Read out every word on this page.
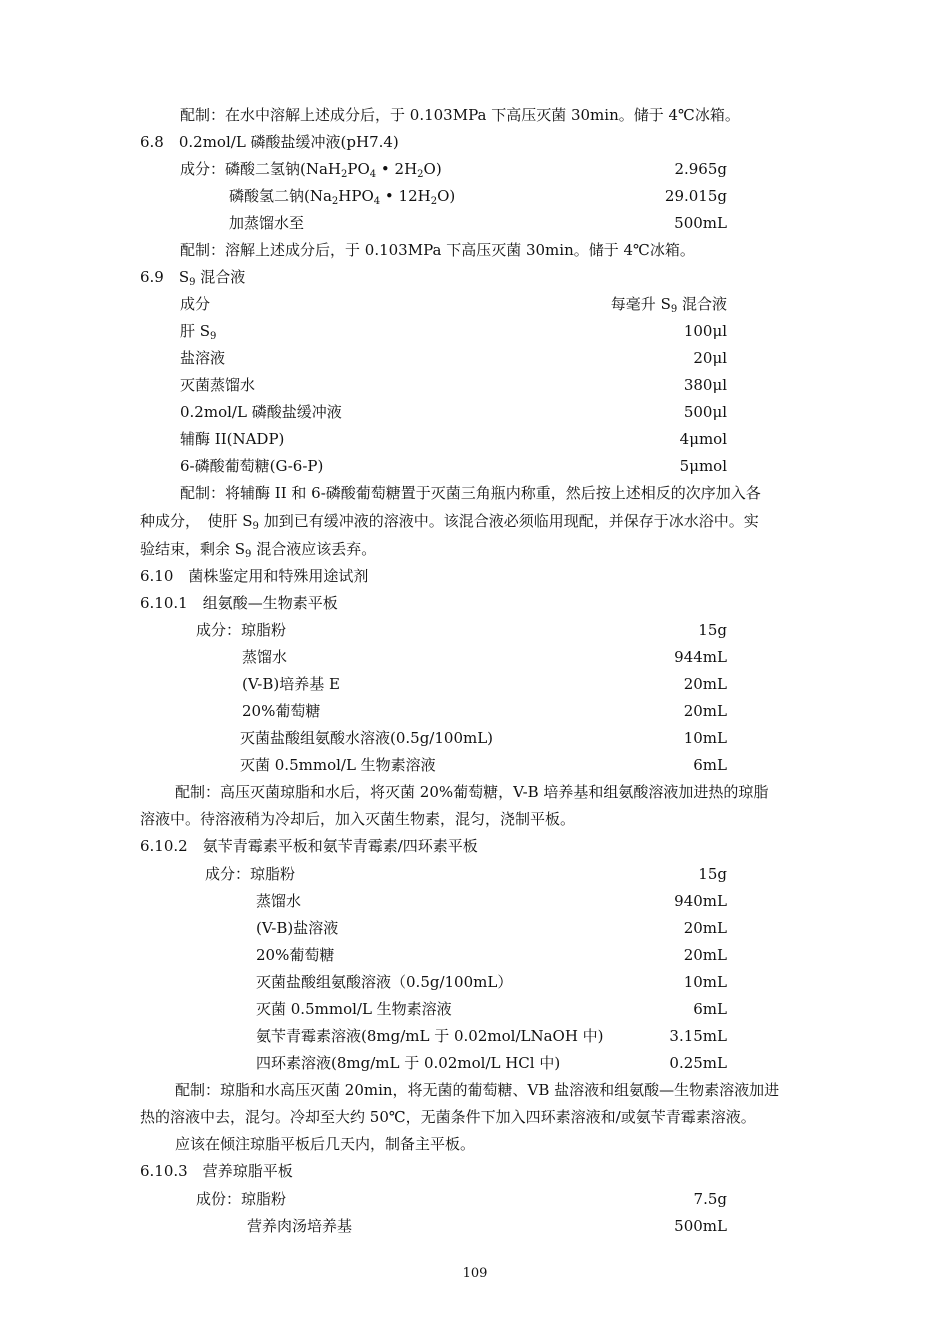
配制：在水中溶解上述成分后，于 0.103MPa 下高压灭菌 30min。储于 4℃冰箱。
6.8　0.2mol/L 磷酸盐缓冲液(pH7.4)
成分：磷酸二氢钠($NaH_2PO_4$ • $2H_2O$)	2.965g
磷酸氢二钠($Na_2HPO_4$ • $12H_2O$)	29.015g
加蒸馏水至	500mL
配制：溶解上述成分后，于 0.103MPa 下高压灭菌 30min。储于 4℃冰箱。
6.9　$S_9$ 混合液
成分	每毫升 $S_9$ 混合液
肝 $S_9$	100μl
盐溶液	20μl
灭菌蒸馏水	380μl
0.2mol/L 磷酸盐缓冲液	500μl
辅酶 II(NADP)	4μmol
6-磷酸葡萄糖(G-6-P)	5μmol
配制：将辅酶 II 和 6-磷酸葡萄糖置于灭菌三角瓶内称重，然后按上述相反的次序加入各
种成分，　使肝 $S_9$ 加到已有缓冲液的溶液中。该混合液必须临用现配，并保存于冰水浴中。实
验结束，剩余 $S_9$ 混合液应该丢弃。
6.10　菌株鉴定用和特殊用途试剂
6.10.1　组氨酸—生物素平板
成分：琼脂粉	15g
蒸馏水	944mL
(V-B)培养基 E	20mL
20%葡萄糖	20mL
灭菌盐酸组氨酸水溶液(0.5g/100mL)	10mL
灭菌 0.5mmol/L 生物素溶液	6mL
配制：高压灭菌琼脂和水后，将灭菌 20%葡萄糖，V-B 培养基和组氨酸溶液加进热的琼脂
溶液中。待溶液稍为冷却后，加入灭菌生物素，混匀，浇制平板。
6.10.2　氨苄青霉素平板和氨苄青霉素/四环素平板
成分：琼脂粉	15g
蒸馏水	940mL
(V-B)盐溶液	20mL
20%葡萄糖	20mL
灭菌盐酸组氨酸溶液（0.5g/100mL）	10mL
灭菌 0.5mmol/L 生物素溶液	6mL
氨苄青霉素溶液(8mg/mL 于 0.02mol/LNaOH 中)	3.15mL
四环素溶液(8mg/mL 于 0.02mol/L HCl 中)	0.25mL
配制：琼脂和水高压灭菌 20min，将无菌的葡萄糖、VB 盐溶液和组氨酸—生物素溶液加进
热的溶液中去，混匀。冷却至大约 50℃，无菌条件下加入四环素溶液和/或氨苄青霉素溶液。
应该在倾注琼脂平板后几天内，制备主平板。
6.10.3　营养琼脂平板
成份：琼脂粉	7.5g
营养肉汤培养基	500mL
109
